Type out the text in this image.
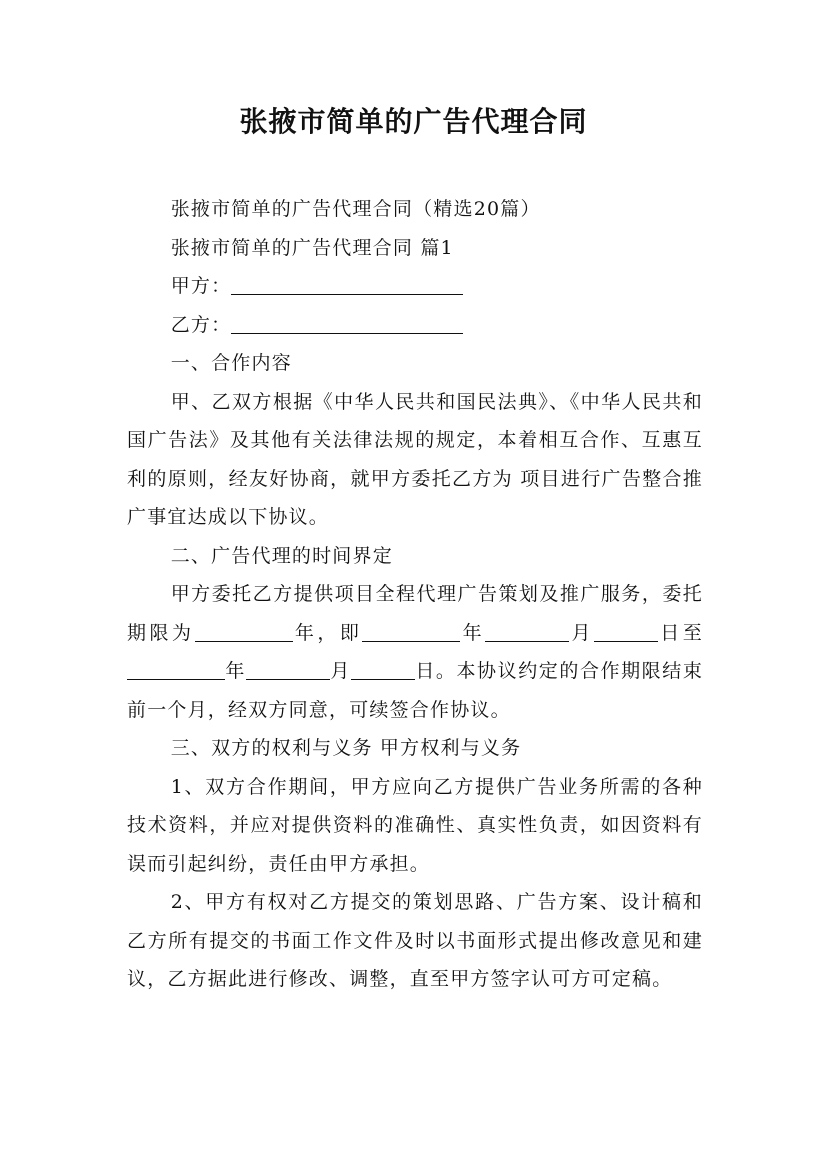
张掖市简单的广告代理合同

张掖市简单的广告代理合同（精选20篇）

张掖市简单的广告代理合同 篇1

甲方：

乙方：

一、合作内容

甲、乙双方根据《中华人民共和国民法典》、《中华人民共和国广告法》及其他有关法律法规的规定，本着相互合作、互惠互利的原则，经友好协商，就甲方委托乙方为 项目进行广告整合推广事宜达成以下协议。

二、广告代理的时间界定

甲方委托乙方提供项目全程代理广告策划及推广服务，委托期限为	年，即	年	月	日至年	月	日。本协议约定的合作期限结束前一个月，经双方同意，可续签合作协议。

三、双方的权利与义务 甲方权利与义务

1、双方合作期间，甲方应向乙方提供广告业务所需的各种技术资料，并应对提供资料的准确性、真实性负责，如因资料有误而引起纠纷，责任由甲方承担。

2、甲方有权对乙方提交的策划思路、广告方案、设计稿和乙方所有提交的书面工作文件及时以书面形式提出修改意见和建议，乙方据此进行修改、调整，直至甲方签字认可方可定稿。
